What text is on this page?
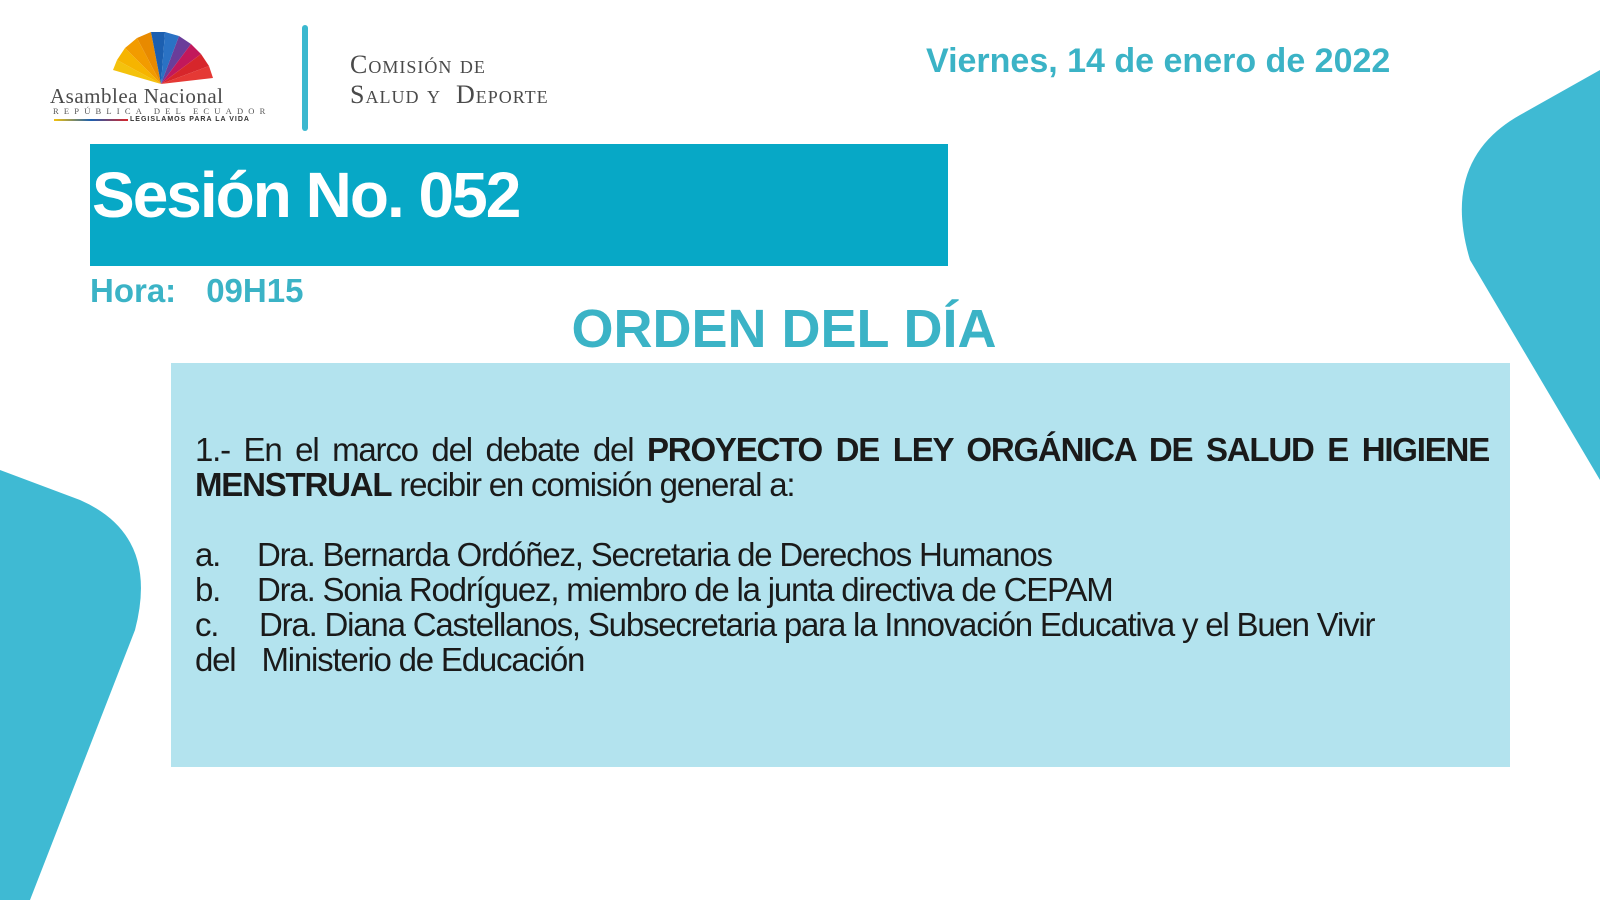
Asamblea Nacional
REPÚBLICA DEL ECUADOR
LEGISLAMOS PARA LA VIDA
Comisión de
Salud y  Deporte
Viernes, 14 de enero de 2022
Sesión No. 052
Hora: 09H15
ORDEN DEL DÍA
1.- En el marco del debate del PROYECTO DE LEY ORGÁNICA DE SALUD E HIGIENE MENSTRUAL recibir en comisión general a:
a.	Dra. Bernarda Ordóñez, Secretaria de Derechos Humanos
b.	Dra. Sonia Rodríguez, miembro de la junta directiva de CEPAM
c.	Dra. Diana Castellanos, Subsecretaria para la Innovación Educativa y el Buen Vivir
del Ministerio de Educación
